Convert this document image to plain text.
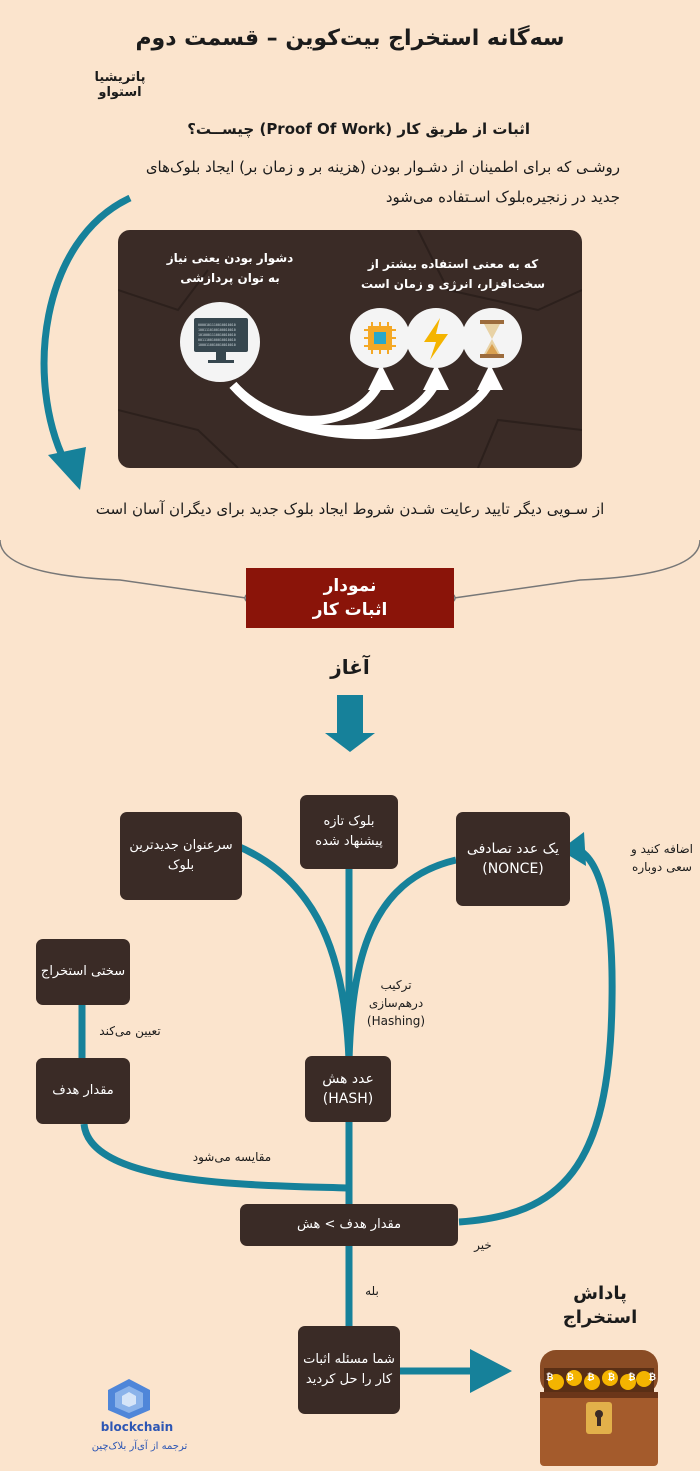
سه‌گانه استخراج بیت‌کوین – قسمت دوم
پاتریشیا استواو
اثبات از طریق کار (Proof Of Work) چیســت؟
روشـی که برای اطمینان از دشـوار بودن (هزینه بر و زمان بر) ایجاد بلوک‌های جدید در زنجیره‌بلوک اسـتفاده می‌شود
0000101110010010010
1001110100100010010
1010001110010010010
0011100100010010010
1000110010010010010
دشوار بودن یعنی نیاز به توان پردازشی
که به معنی استفاده بیشتر از سخت‌افزار، انرژی و زمان است
از سـویی دیگر تایید رعایت شـدن شروط ایجاد بلوک جدید برای دیگران آسان است
نمودار
اثبات کار
آغاز
سرعنوان جدیدترین بلوک
بلوک تازه پیشنهاد شده	یک عدد تصادفی (NONCE)
اضافه کنید و سعی دوباره
ترکیب درهم‌سازی (Hashing)
سختی استخراج
تعیین می‌کند
مقدار هدف
عدد هش (HASH)
مقایسه می‌شود
مقدار هدف > هش
خیر
بله
شما مسئله اثبات کار را حل کردید
پاداش استخراج
₿ ₿ ₿ ₿ ₿ ₿
blockchain
ترجمه از آی‌آر بلاک‌چین
